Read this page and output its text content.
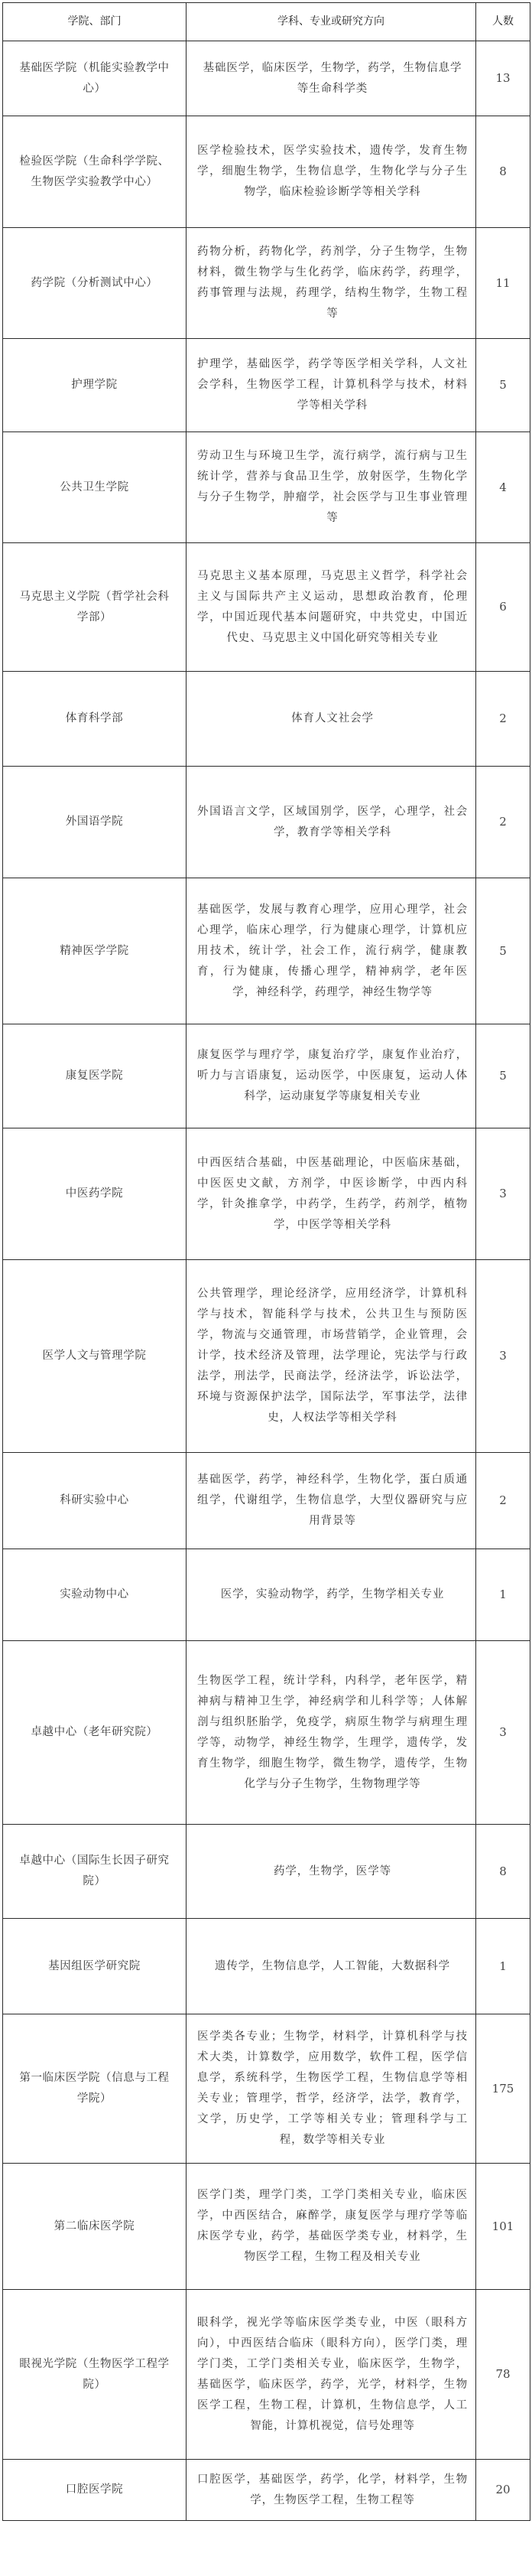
学院、部门	学科、专业或研究方向	人数
基础医学院（机能实验教学中心）	基础医学，临床医学，生物学，药学，生物信息学等生命科学类	13
检验医学院（生命科学学院、生物医学实验教学中心）	医学检验技术，医学实验技术，遗传学，发育生物学，细胞生物学，生物信息学，生物化学与分子生物学，临床检验诊断学等相关学科	8
药学院（分析测试中心）	药物分析，药物化学，药剂学，分子生物学，生物材料，微生物学与生化药学，临床药学，药理学，药事管理与法规，药理学，结构生物学，生物工程等	11
护理学院	护理学，基础医学，药学等医学相关学科，人文社会学科，生物医学工程，计算机科学与技术，材料学等相关学科	5
公共卫生学院	劳动卫生与环境卫生学，流行病学，流行病与卫生统计学，营养与食品卫生学，放射医学，生物化学与分子生物学，肿瘤学，社会医学与卫生事业管理等	4
马克思主义学院（哲学社会科学部）	马克思主义基本原理，马克思主义哲学，科学社会主义与国际共产主义运动，思想政治教育，伦理学，中国近现代基本问题研究，中共党史，中国近代史、马克思主义中国化研究等相关专业	6
体育科学部	体育人文社会学	2
外国语学院	外国语言文学，区域国别学，医学，心理学，社会学，教育学等相关学科	2
精神医学学院	基础医学，发展与教育心理学，应用心理学，社会心理学，临床心理学，行为健康心理学，计算机应用技术，统计学，社会工作，流行病学，健康教育，行为健康，传播心理学，精神病学，老年医学，神经科学，药理学，神经生物学等	5
康复医学院	康复医学与理疗学，康复治疗学，康复作业治疗，听力与言语康复，运动医学，中医康复，运动人体科学，运动康复学等康复相关专业	5
中医药学院	中西医结合基础，中医基础理论，中医临床基础，中医医史文献，方剂学，中医诊断学，中西内科学，针灸推拿学，中药学，生药学，药剂学，植物学，中医学等相关学科	3
医学人文与管理学院	公共管理学，理论经济学，应用经济学，计算机科学与技术，智能科学与技术，公共卫生与预防医学，物流与交通管理，市场营销学，企业管理，会计学，技术经济及管理，法学理论，宪法学与行政法学，刑法学，民商法学，经济法学，诉讼法学，环境与资源保护法学，国际法学，军事法学，法律史，人权法学等相关学科	3
科研实验中心	基础医学，药学，神经科学，生物化学，蛋白质通组学，代谢组学，生物信息学，大型仪器研究与应用背景等	2
实验动物中心	医学，实验动物学，药学，生物学相关专业	1
卓越中心（老年研究院）	生物医学工程，统计学科，内科学，老年医学，精神病与精神卫生学，神经病学和儿科学等；人体解剖与组织胚胎学，免疫学，病原生物学与病理生理学等，动物学，神经生物学，生理学，遗传学，发育生物学，细胞生物学，微生物学，遗传学，生物化学与分子生物学，生物物理学等	3
卓越中心（国际生长因子研究院）	药学，生物学，医学等	8
基因组医学研究院	遗传学，生物信息学，人工智能，大数据科学	1
第一临床医学院（信息与工程学院）	医学类各专业；生物学，材料学，计算机科学与技术大类，计算数学，应用数学，软件工程，医学信息学，系统科学，生物医学工程，生物信息学等相关专业；管理学，哲学，经济学，法学，教育学，文学，历史学，工学等相关专业；管理科学与工程，数学等相关专业	175
第二临床医学院	医学门类，理学门类，工学门类相关专业，临床医学，中西医结合，麻醉学，康复医学与理疗学等临床医学专业，药学，基础医学类专业，材料学，生物医学工程，生物工程及相关专业	101
眼视光学院（生物医学工程学院）	眼科学，视光学等临床医学类专业，中医（眼科方向），中西医结合临床（眼科方向），医学门类，理学门类，工学门类相关专业，临床医学，生物学，基础医学，临床医学，药学，光学，材料学，生物医学工程，生物工程，计算机，生物信息学，人工智能，计算机视觉，信号处理等	78
口腔医学院	口腔医学，基础医学，药学，化学，材料学，生物学，生物医学工程，生物工程等	20
